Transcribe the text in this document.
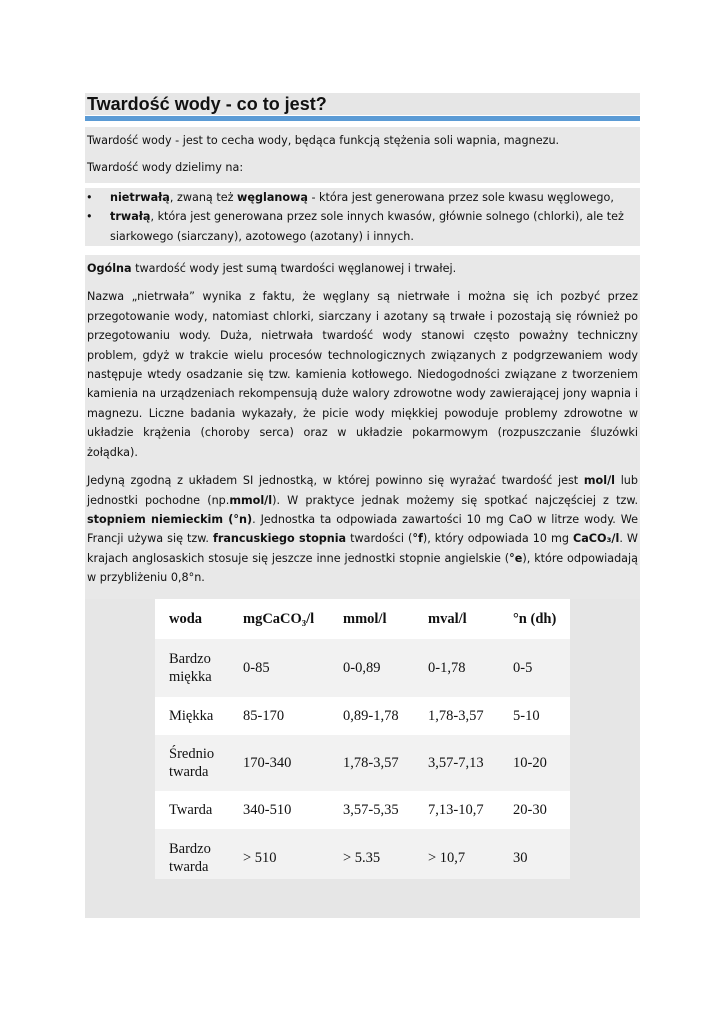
Twardość wody - co to jest?
Twardość wody - jest to cecha wody, będąca funkcją stężenia soli wapnia, magnezu.
Twardość wody dzielimy na:
• nietrwałą, zwaną też węglanową - która jest generowana przez sole kwasu węglowego,
• trwałą, która jest generowana przez sole innych kwasów, głównie solnego (chlorki), ale też siarkowego (siarczany), azotowego (azotany) i innych.

Ogólna twardość wody jest sumą twardości węglanowej i trwałej.

Nazwa „nietrwała” wynika z faktu, że węglany są nietrwałe i można się ich pozbyć przez przegotowanie wody, natomiast chlorki, siarczany i azotany są trwałe i pozostają się również po przegotowaniu wody. Duża, nietrwała twardość wody stanowi często poważny techniczny problem, gdyż w trakcie wielu procesów technologicznych związanych z podgrzewaniem wody następuje wtedy osadzanie się tzw. kamienia kotłowego. Niedogodności związane z tworzeniem kamienia na urządzeniach rekompensują duże walory zdrowotne wody zawierającej jony wapnia i magnezu. Liczne badania wykazały, że picie wody miękkiej powoduje problemy zdrowotne w układzie krążenia (choroby serca) oraz w układzie pokarmowym (rozpuszczanie śluzówki żołądka).

Jedyną zgodną z układem SI jednostką, w której powinno się wyrażać twardość jest mol/l lub jednostki pochodne (np.mmol/l). W praktyce jednak możemy się spotkać najczęściej z tzw. stopniem niemieckim (°n). Jednostka ta odpowiada zawartości 10 mg CaO w litrze wody. We Francji używa się tzw. francuskiego stopnia twardości (°f), który odpowiada 10 mg CaCO₃/l. W krajach anglosaskich stosuje się jeszcze inne jednostki stopnie angielskie (°e), które odpowiadają w przybliżeniu 0,8°n.

woda	mgCaCO₃/l	mmol/l	mval/l	°n (dh)
Bardzo miękka	0-85	0-0,89	0-1,78	0-5
Miękka	85-170	0,89-1,78	1,78-3,57	5-10
Średnio twarda	170-340	1,78-3,57	3,57-7,13	10-20
Twarda	340-510	3,57-5,35	7,13-10,7	20-30
Bardzo twarda	> 510	> 5.35	> 10,7	30
